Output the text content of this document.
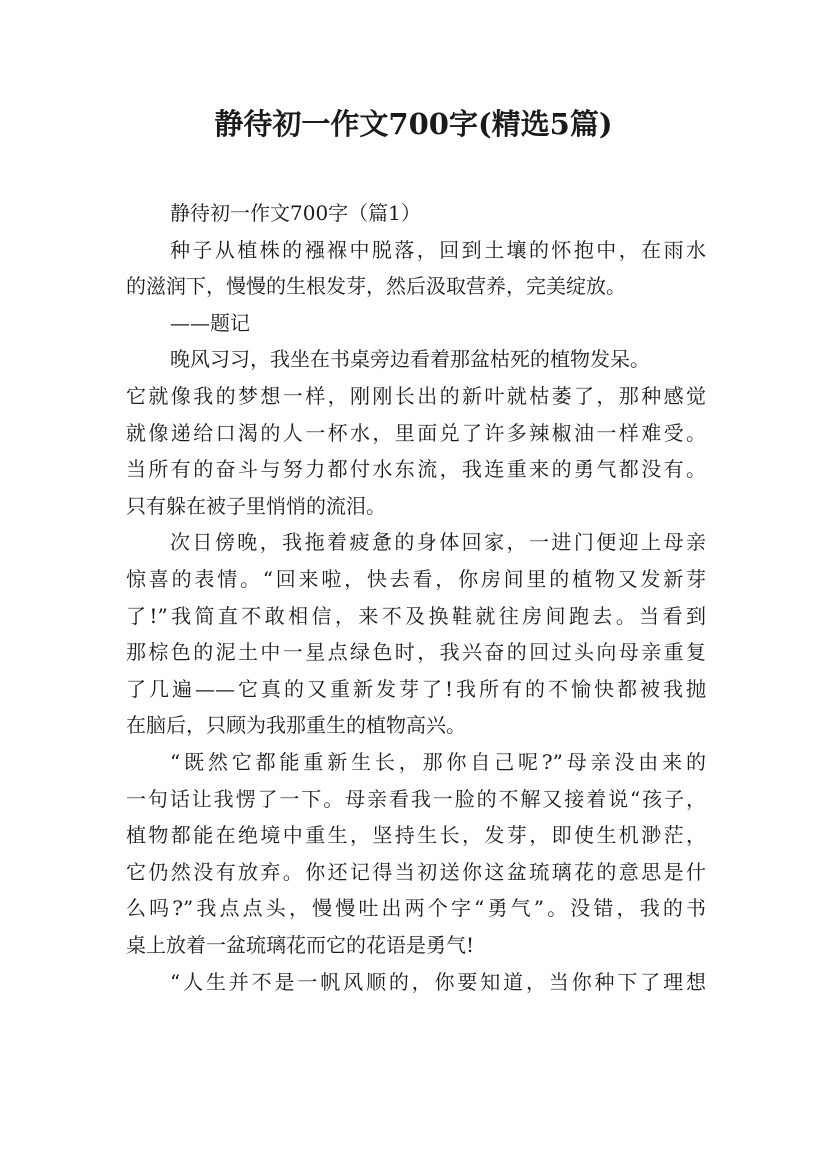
静待初一作文700字(精选5篇)
静待初一作文700字（篇1）
种子从植株的襁褓中脱落，回到土壤的怀抱中，在雨水
的滋润下，慢慢的生根发芽，然后汲取营养，完美绽放。
——题记
晚风习习，我坐在书桌旁边看着那盆枯死的植物发呆。
它就像我的梦想一样，刚刚长出的新叶就枯萎了，那种感觉
就像递给口渴的人一杯水，里面兑了许多辣椒油一样难受。
当所有的奋斗与努力都付水东流，我连重来的勇气都没有。
只有躲在被子里悄悄的流泪。
次日傍晚，我拖着疲惫的身体回家，一进门便迎上母亲
惊喜的表情。“回来啦，快去看，你房间里的植物又发新芽
了!”我简直不敢相信，来不及换鞋就往房间跑去。当看到
那棕色的泥土中一星点绿色时，我兴奋的回过头向母亲重复
了几遍——它真的又重新发芽了!我所有的不愉快都被我抛
在脑后，只顾为我那重生的植物高兴。
“既然它都能重新生长，那你自己呢?”母亲没由来的
一句话让我愣了一下。母亲看我一脸的不解又接着说“孩子，
植物都能在绝境中重生，坚持生长，发芽，即使生机渺茫，
它仍然没有放弃。你还记得当初送你这盆琉璃花的意思是什
么吗?”我点点头，慢慢吐出两个字“勇气”。没错，我的书
桌上放着一盆琉璃花而它的花语是勇气!
“人生并不是一帆风顺的，你要知道，当你种下了理想
